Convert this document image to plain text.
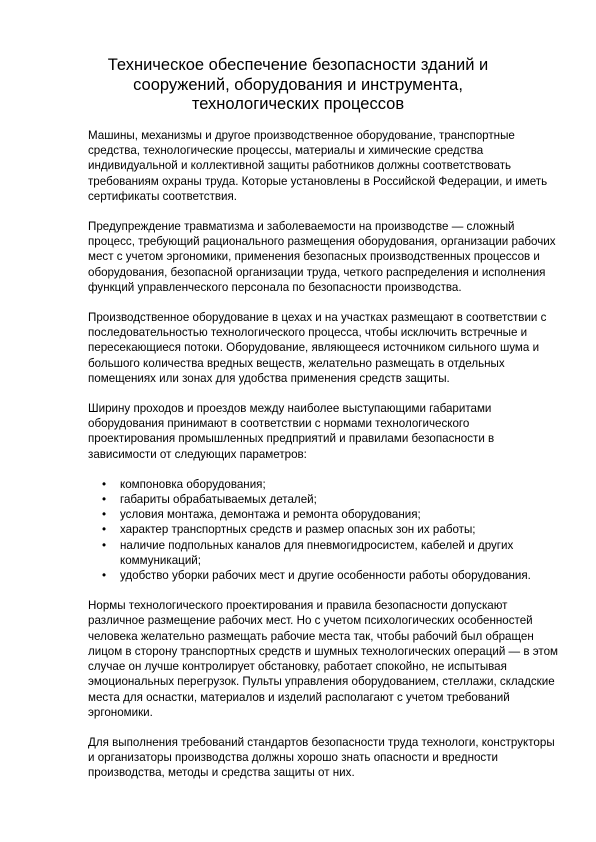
Техническое обеспечение безопасности зданий и сооружений, оборудования и инструмента, технологических процессов

Машины, механизмы и другое производственное оборудование, транспортные средства, технологические процессы, материалы и химические средства индивидуальной и коллективной защиты работников должны соответствовать требованиям охраны труда. Которые установлены в Российской Федерации, и иметь сертификаты соответствия.

Предупреждение травматизма и заболеваемости на производстве — сложный процесс, требующий рационального размещения оборудования, организации рабочих мест с учетом эргономики, применения безопасных производственных процессов и оборудования, безопасной организации труда, четкого распределения и исполнения функций управленческого персонала по безопасности производства.

Производственное оборудование в цехах и на участках размещают в соответствии с последовательностью технологического процесса, чтобы исключить встречные и пересекающиеся потоки. Оборудование, являющееся источником сильного шума и большого количества вредных веществ, желательно размещать в отдельных помещениях или зонах для удобства применения средств защиты.

Ширину проходов и проездов между наиболее выступающими габаритами оборудования принимают в соответствии с нормами технологического проектирования промышленных предприятий и правилами безопасности в зависимости от следующих параметров:

• компоновка оборудования;
• габариты обрабатываемых деталей;
• условия монтажа, демонтажа и ремонта оборудования;
• характер транспортных средств и размер опасных зон их работы;
• наличие подпольных каналов для пневмогидросистем, кабелей и других коммуникаций;
• удобство уборки рабочих мест и другие особенности работы оборудования.

Нормы технологического проектирования и правила безопасности допускают различное размещение рабочих мест. Но с учетом психологических особенностей человека желательно размещать рабочие места так, чтобы рабочий был обращен лицом в сторону транспортных средств и шумных технологических операций — в этом случае он лучше контролирует обстановку, работает спокойно, не испытывая эмоциональных перегрузок. Пульты управления оборудованием, стеллажи, складские места для оснастки, материалов и изделий располагают с учетом требований эргономики.

Для выполнения требований стандартов безопасности труда технологи, конструкторы и организаторы производства должны хорошо знать опасности и вредности производства, методы и средства защиты от них.
